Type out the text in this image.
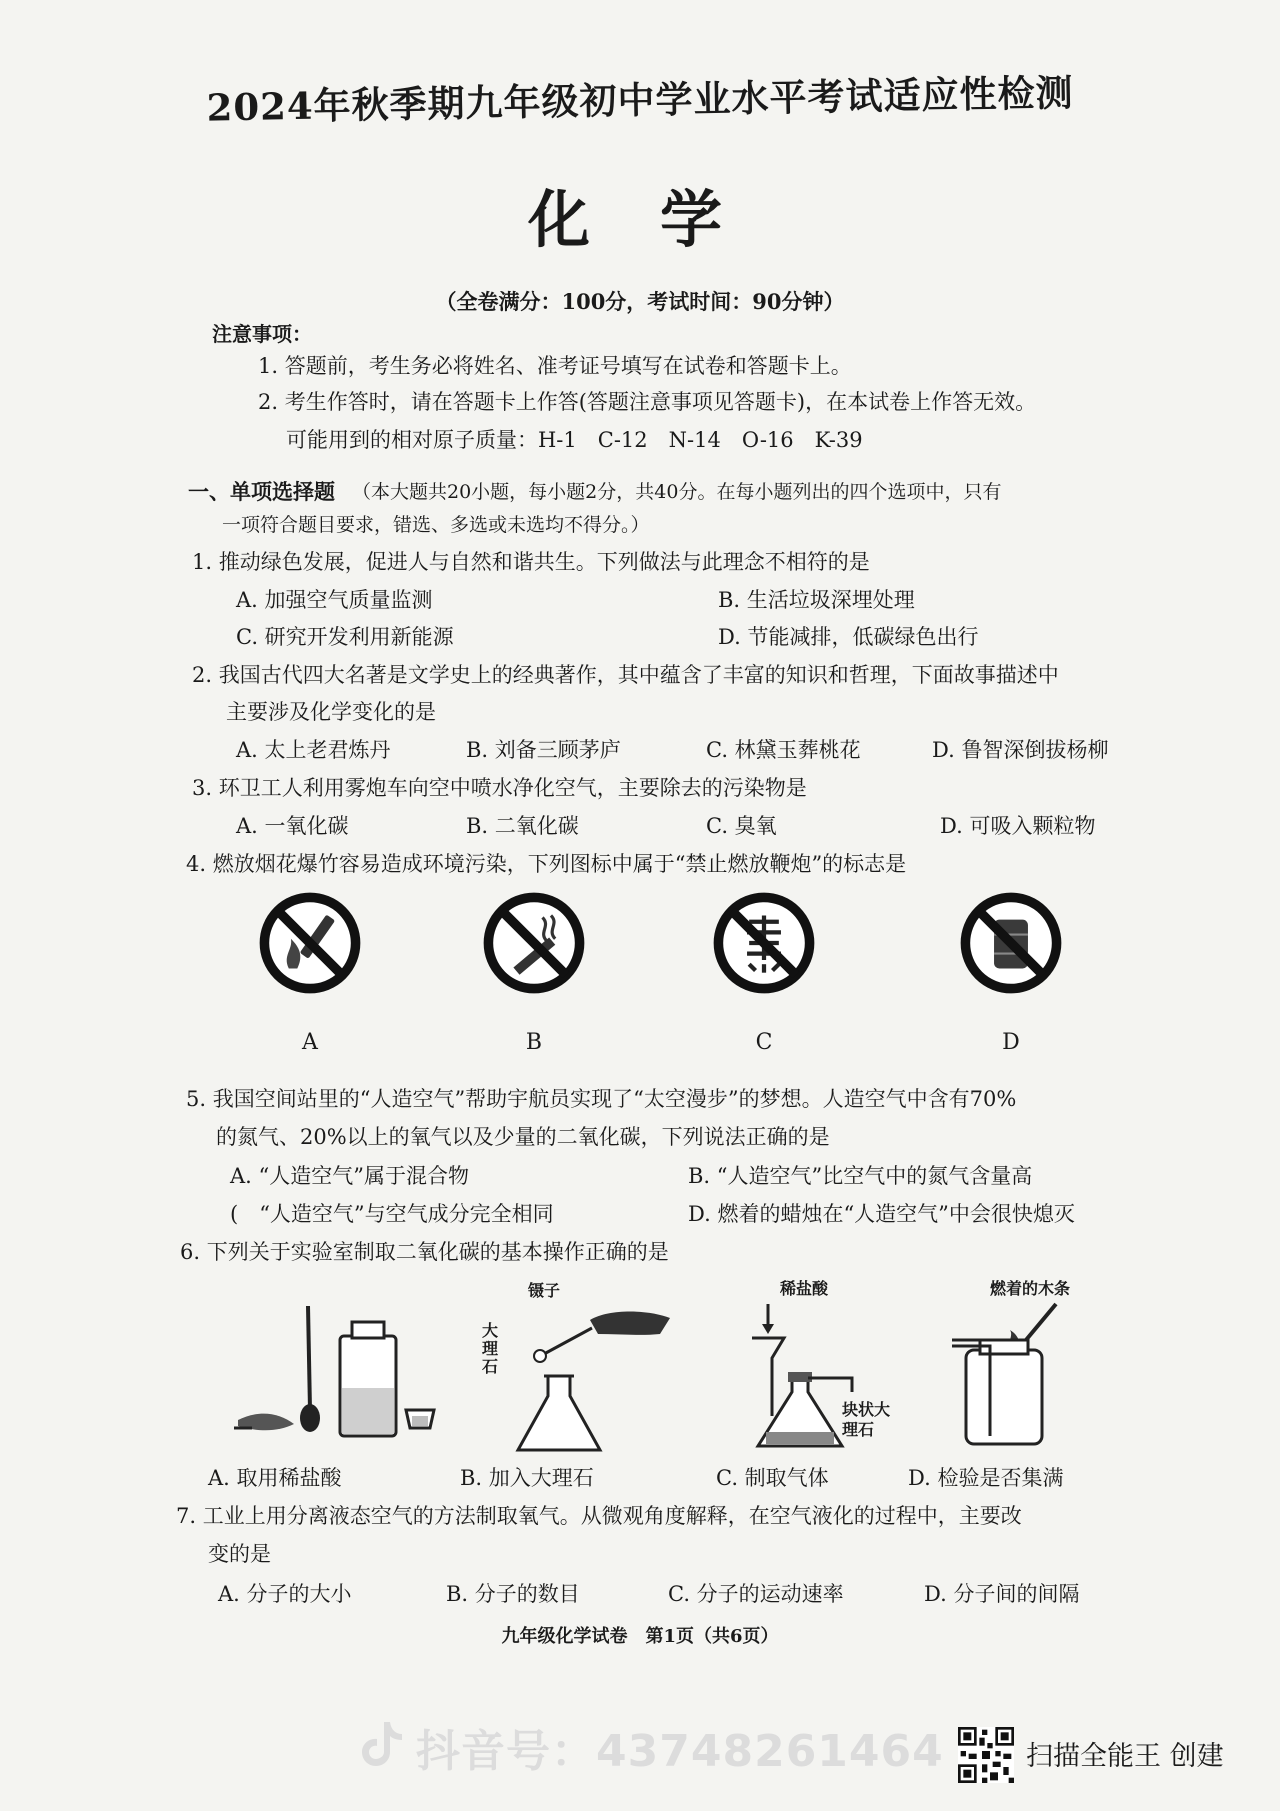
2024年秋季期九年级初中学业水平考试适应性检测
化学
（全卷满分：100分，考试时间：90分钟）
注意事项：
1. 答题前，考生务必将姓名、准考证号填写在试卷和答题卡上。
2. 考生作答时，请在答题卡上作答(答题注意事项见答题卡)，在本试卷上作答无效。
可能用到的相对原子质量：H-1　C-12　N-14　O-16　K-39
一、单项选择题 （本大题共20小题，每小题2分，共40分。在每小题列出的四个选项中，只有
一项符合题目要求，错选、多选或未选均不得分。）
1. 推动绿色发展，促进人与自然和谐共生。下列做法与此理念不相符的是
A. 加强空气质量监测	B. 生活垃圾深埋处理
C. 研究开发利用新能源	D. 节能减排，低碳绿色出行
2. 我国古代四大名著是文学史上的经典著作，其中蕴含了丰富的知识和哲理，下面故事描述中
主要涉及化学变化的是
A. 太上老君炼丹	B. 刘备三顾茅庐	C. 林黛玉葬桃花	D. 鲁智深倒拔杨柳
3. 环卫工人利用雾炮车向空中喷水净化空气，主要除去的污染物是
A. 一氧化碳	B. 二氧化碳	C. 臭氧	D. 可吸入颗粒物
4. 燃放烟花爆竹容易造成环境污染，下列图标中属于“禁止燃放鞭炮”的标志是
A	B	C	D
5. 我国空间站里的“人造空气”帮助宇航员实现了“太空漫步”的梦想。人造空气中含有70%
的氮气、20%以上的氧气以及少量的二氧化碳，下列说法正确的是
A. “人造空气”属于混合物	B. “人造空气”比空气中的氮气含量高
(　“人造空气”与空气成分完全相同	D. 燃着的蜡烛在“人造空气”中会很快熄灭
6. 下列关于实验室制取二氧化碳的基本操作正确的是
镊子
大理石
稀盐酸
块状大理石
燃着的木条
A. 取用稀盐酸	B. 加入大理石	C. 制取气体	D. 检验是否集满
7. 工业上用分离液态空气的方法制取氧气。从微观角度解释，在空气液化的过程中，主要改
变的是
A. 分子的大小	B. 分子的数目	C. 分子的运动速率	D. 分子间的间隔
九年级化学试卷　第1页（共6页）
抖音号：43748261464	扫描全能王 创建
